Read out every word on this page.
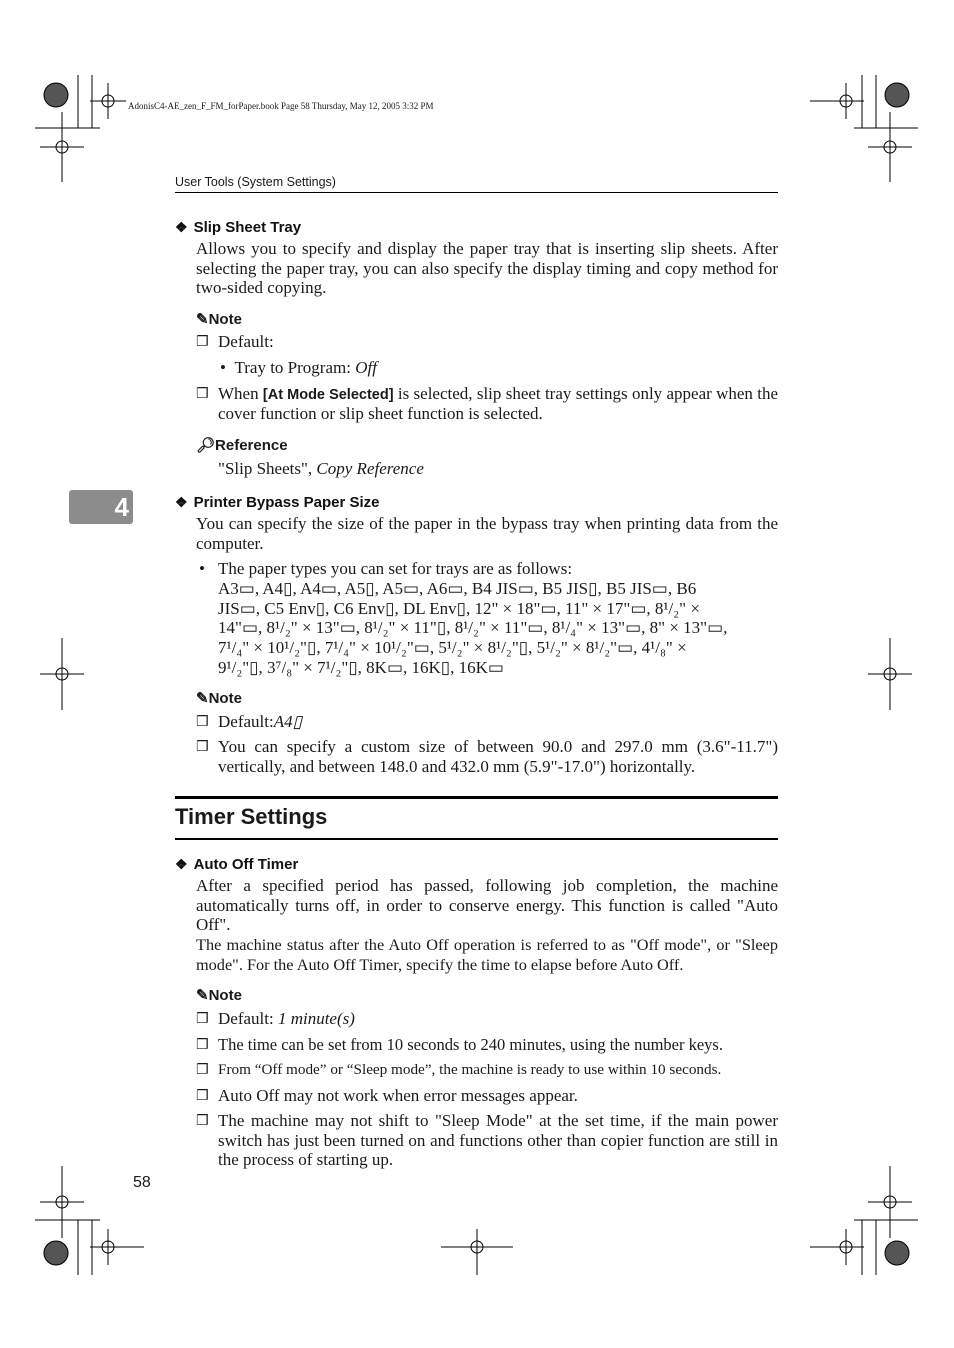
AdonisC4-AE_zen_F_FM_forPaper.book Page 58 Thursday, May 12, 2005 3:32 PM
User Tools (System Settings)
4
❖ Slip Sheet Tray
Allows you to specify and display the paper tray that is inserting slip sheets. After selecting the paper tray, you can also specify the display timing and copy method for two-sided copying.
✎Note
❒ Default:
• Tray to Program: Off
❒ When [At Mode Selected] is selected, slip sheet tray settings only appear when the cover function or slip sheet function is selected.
🔎︎Reference
"Slip Sheets", Copy Reference
❖ Printer Bypass Paper Size
You can specify the size of the paper in the bypass tray when printing data from the computer.
• The paper types you can set for trays are as follows:
A3▭, A4▯, A4▭, A5▯, A5▭, A6▭, B4 JIS▭, B5 JIS▯, B5 JIS▭, B6
JIS▭, C5 Env▯, C6 Env▯, DL Env▯, 12" × 18"▭, 11" × 17"▭, 8¹/₂" ×
14"▭, 8¹/₂" × 13"▭, 8¹/₂" × 11"▯, 8¹/₂" × 11"▭, 8¹/₄" × 13"▭, 8" × 13"▭,
7¹/₄" × 10¹/₂"▯, 7¹/₄" × 10¹/₂"▭, 5¹/₂" × 8¹/₂"▯, 5¹/₂" × 8¹/₂"▭, 4¹/₈" ×
9¹/₂"▯, 3⁷/₈" × 7¹/₂"▯, 8K▭, 16K▯, 16K▭
✎Note
❒ Default:A4▯
❒ You can specify a custom size of between 90.0 and 297.0 mm (3.6"-11.7") vertically, and between 148.0 and 432.0 mm (5.9"-17.0") horizontally.
Timer Settings
❖ Auto Off Timer
After a specified period has passed, following job completion, the machine automatically turns off, in order to conserve energy. This function is called "Auto Off".
The machine status after the Auto Off operation is referred to as "Off mode", or "Sleep mode". For the Auto Off Timer, specify the time to elapse before Auto Off.
✎Note
❒ Default: 1 minute(s)
❒ The time can be set from 10 seconds to 240 minutes, using the number keys.
❒ From “Off mode” or “Sleep mode”, the machine is ready to use within 10 seconds.
❒ Auto Off may not work when error messages appear.
❒ The machine may not shift to "Sleep Mode" at the set time, if the main power switch has just been turned on and functions other than copier function are still in the process of starting up.
58
